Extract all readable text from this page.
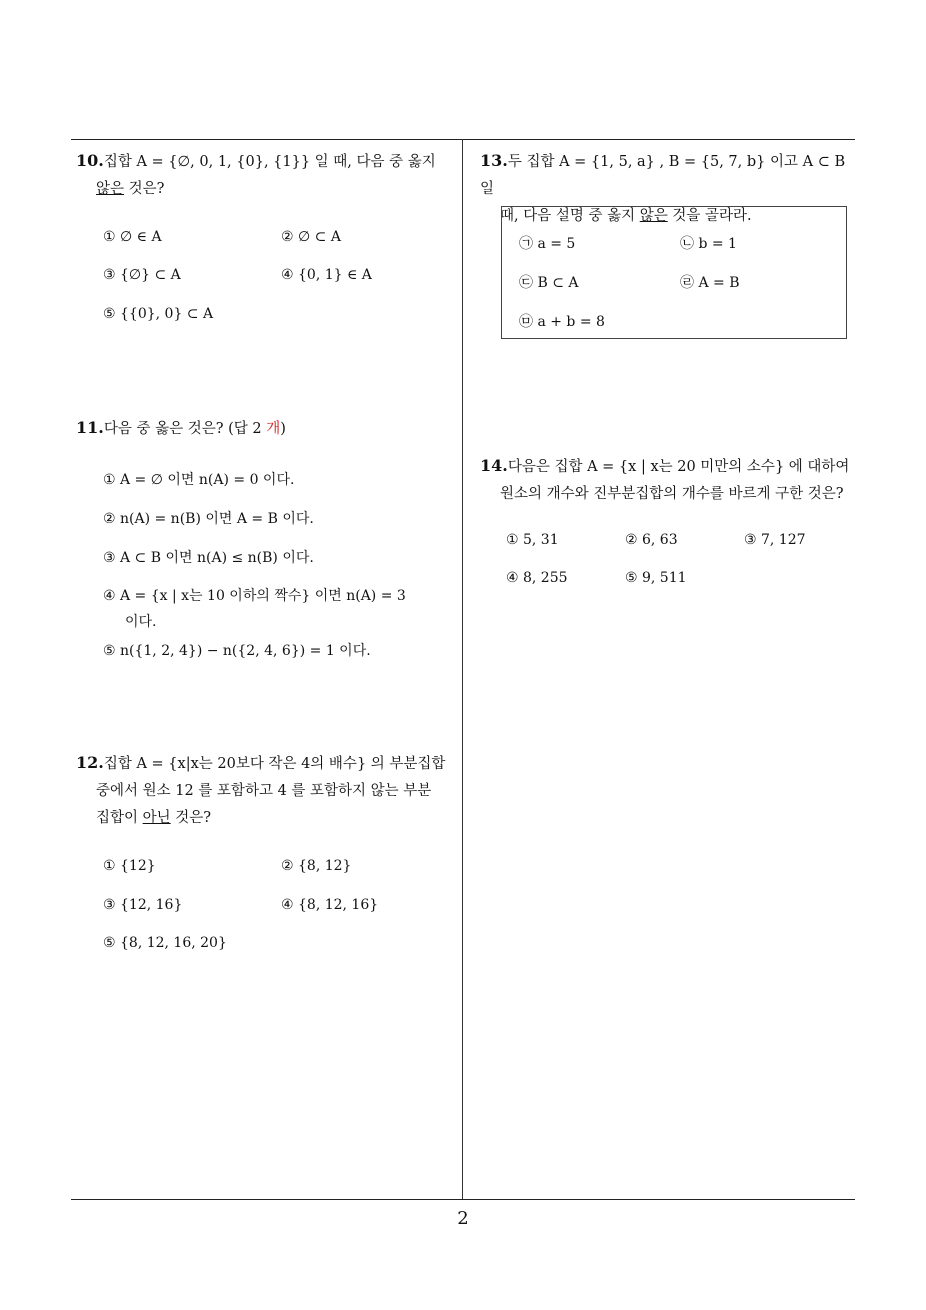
2
10.집합 A = {∅, 0, 1, {0}, {1}} 일 때, 다음 중 옳지
않은 것은?
① ∅ ∈ A	② ∅ ⊂ A
③ {∅} ⊂ A	④ {0, 1} ∈ A
⑤ {{0}, 0} ⊂ A
11.다음 중 옳은 것은? (답 2 개)
① A = ∅ 이면 n(A) = 0 이다.
② n(A) = n(B) 이면 A = B 이다.
③ A ⊂ B 이면 n(A) ≤ n(B) 이다.
④ A = {x | x는 10 이하의 짝수} 이면 n(A) = 3
이다.
⑤ n({1, 2, 4}) − n({2, 4, 6}) = 1 이다.
12.집합 A = {x|x는 20보다 작은 4의 배수} 의 부분집합
중에서 원소 12 를 포함하고 4 를 포함하지 않는 부분
집합이 아닌 것은?
① {12}	② {8, 12}
③ {12, 16}	④ {8, 12, 16}
⑤ {8, 12, 16, 20}
13.두 집합 A = {1, 5, a} , B = {5, 7, b} 이고 A ⊂ B 일
때, 다음 설명 중 옳지 않은 것을 골라라.
㉠ a = 5	㉡ b = 1
㉢ B ⊂ A	㉣ A = B
㉤ a + b = 8
14.다음은 집합 A = {x | x는 20 미만의 소수} 에 대하여
원소의 개수와 진부분집합의 개수를 바르게 구한 것은?
① 5, 31	② 6, 63	③ 7, 127
④ 8, 255	⑤ 9, 511
